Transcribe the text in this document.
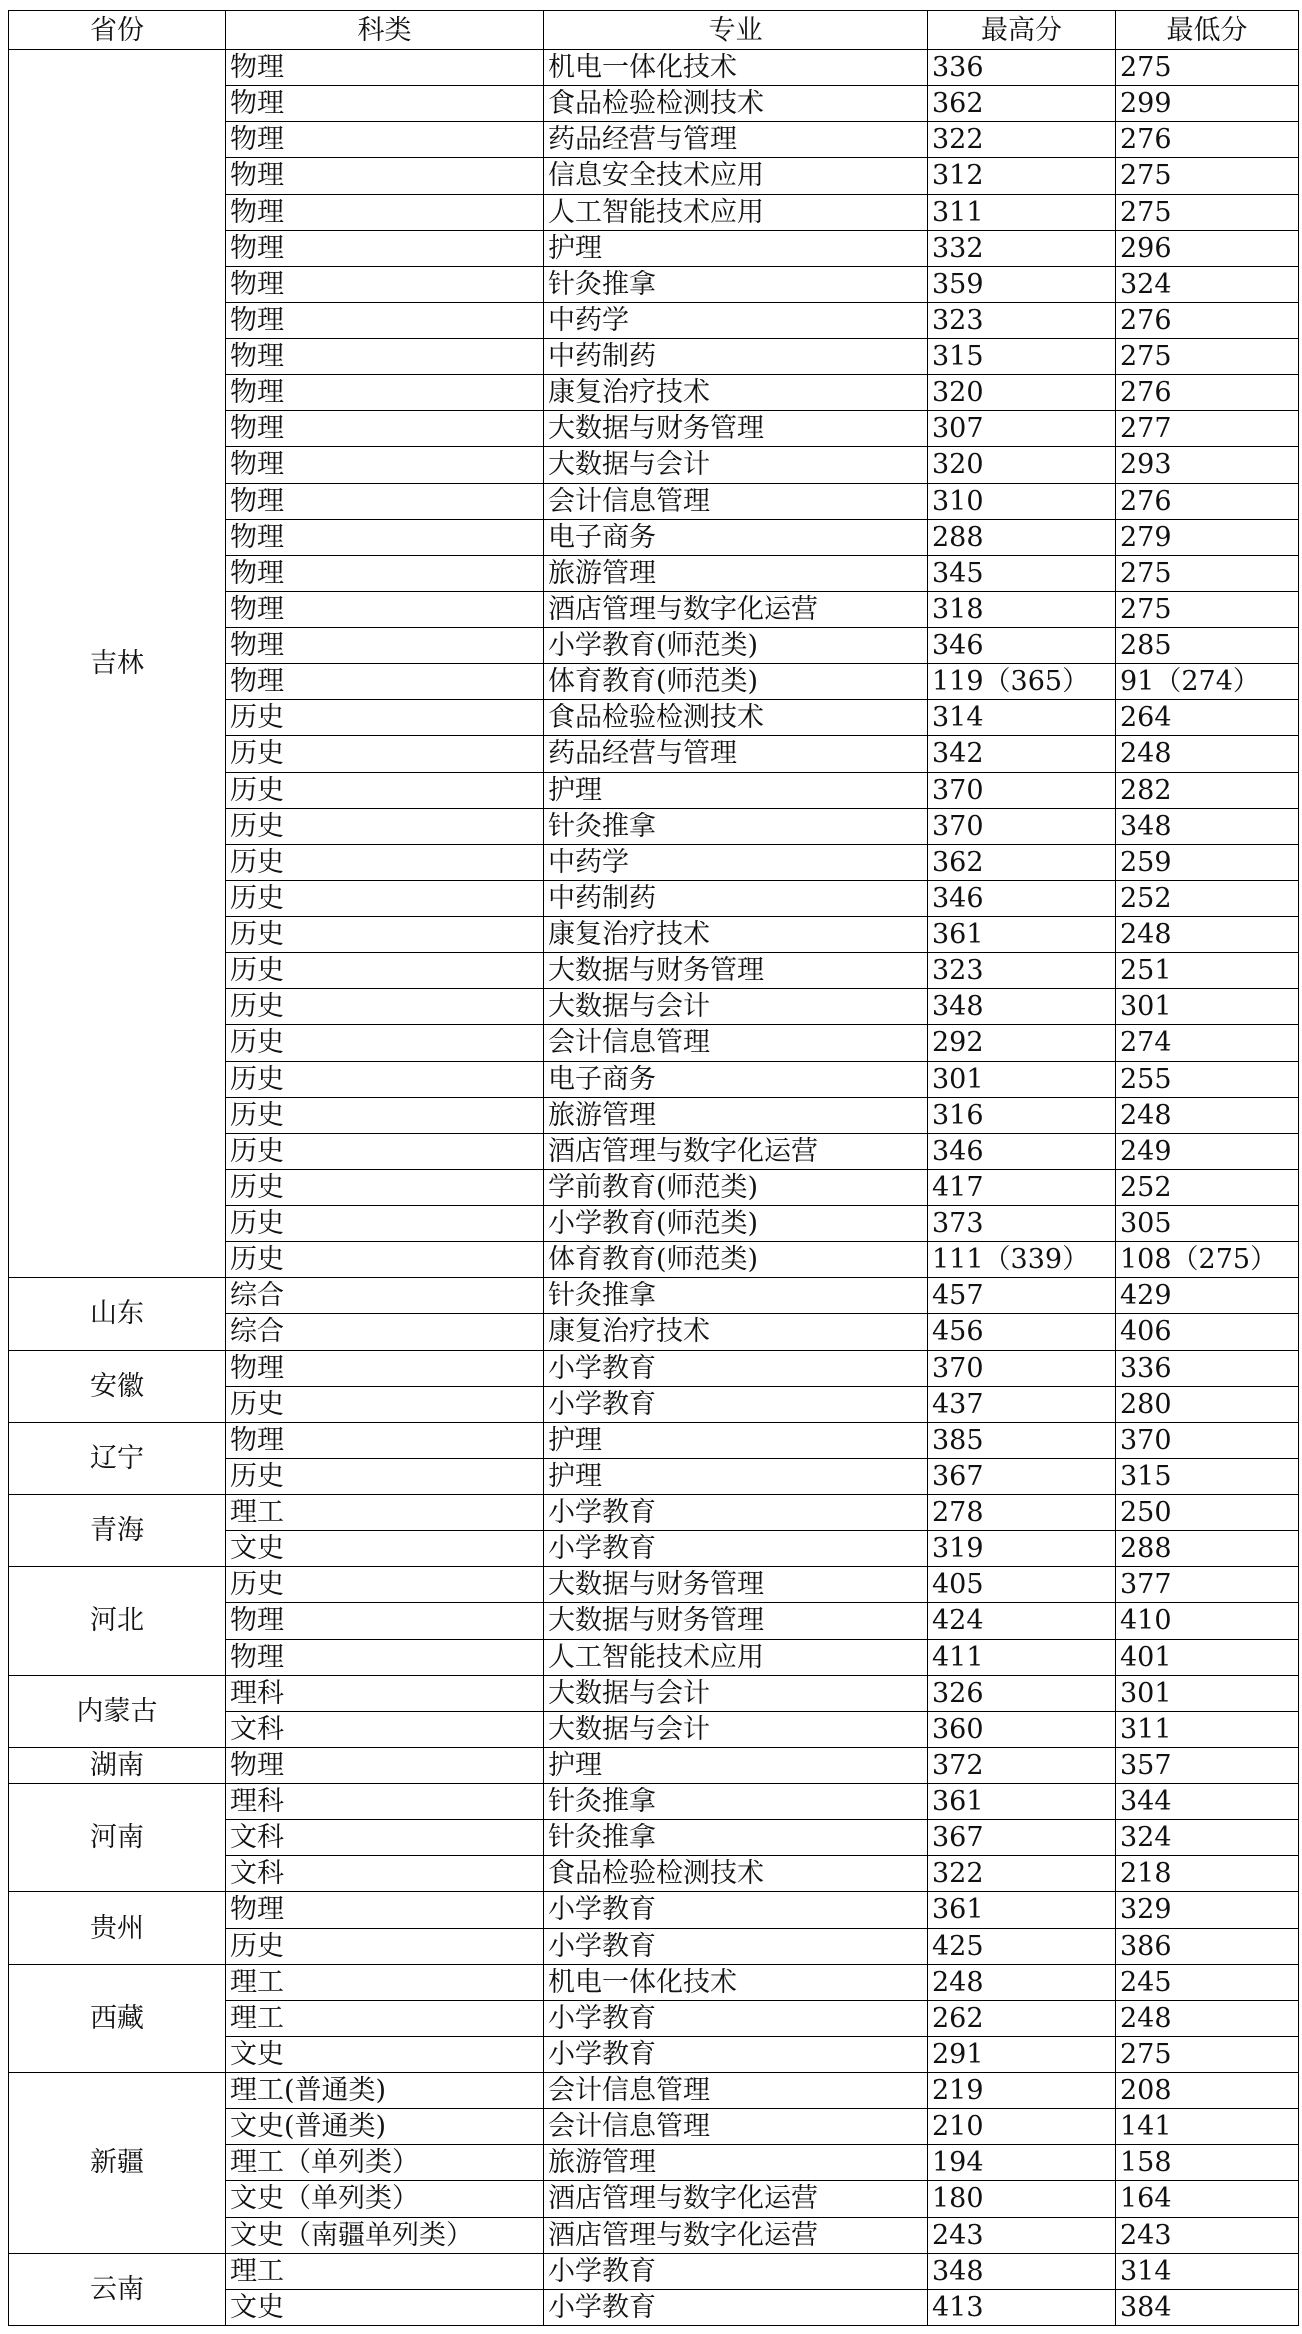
省份	科类	专业	最高分	最低分
吉林	物理	机电一体化技术	336	275
	物理	食品检验检测技术	362	299
	物理	药品经营与管理	322	276
	物理	信息安全技术应用	312	275
	物理	人工智能技术应用	311	275
	物理	护理	332	296
	物理	针灸推拿	359	324
	物理	中药学	323	276
	物理	中药制药	315	275
	物理	康复治疗技术	320	276
	物理	大数据与财务管理	307	277
	物理	大数据与会计	320	293
	物理	会计信息管理	310	276
	物理	电子商务	288	279
	物理	旅游管理	345	275
	物理	酒店管理与数字化运营	318	275
	物理	小学教育(师范类)	346	285
	物理	体育教育(师范类)	119（365）	91（274）
	历史	食品检验检测技术	314	264
	历史	药品经营与管理	342	248
	历史	护理	370	282
	历史	针灸推拿	370	348
	历史	中药学	362	259
	历史	中药制药	346	252
	历史	康复治疗技术	361	248
	历史	大数据与财务管理	323	251
	历史	大数据与会计	348	301
	历史	会计信息管理	292	274
	历史	电子商务	301	255
	历史	旅游管理	316	248
	历史	酒店管理与数字化运营	346	249
	历史	学前教育(师范类)	417	252
	历史	小学教育(师范类)	373	305
	历史	体育教育(师范类)	111（339）	108（275）
山东	综合	针灸推拿	457	429
	综合	康复治疗技术	456	406
安徽	物理	小学教育	370	336
	历史	小学教育	437	280
辽宁	物理	护理	385	370
	历史	护理	367	315
青海	理工	小学教育	278	250
	文史	小学教育	319	288
河北	历史	大数据与财务管理	405	377
	物理	大数据与财务管理	424	410
	物理	人工智能技术应用	411	401
内蒙古	理科	大数据与会计	326	301
	文科	大数据与会计	360	311
湖南	物理	护理	372	357
河南	理科	针灸推拿	361	344
	文科	针灸推拿	367	324
	文科	食品检验检测技术	322	218
贵州	物理	小学教育	361	329
	历史	小学教育	425	386
西藏	理工	机电一体化技术	248	245
	理工	小学教育	262	248
	文史	小学教育	291	275
新疆	理工(普通类)	会计信息管理	219	208
	文史(普通类)	会计信息管理	210	141
	理工（单列类）	旅游管理	194	158
	文史（单列类）	酒店管理与数字化运营	180	164
	文史（南疆单列类）	酒店管理与数字化运营	243	243
云南	理工	小学教育	348	314
	文史	小学教育	413	384
